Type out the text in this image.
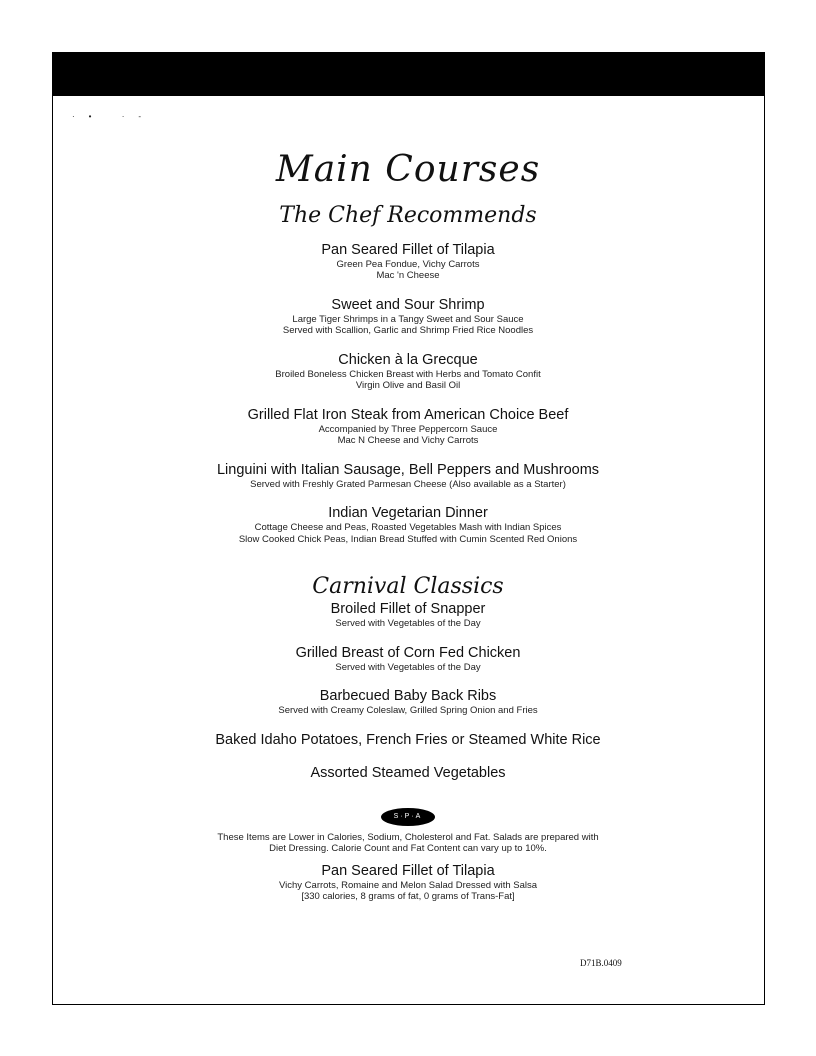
·• ·-
Main Courses
The Chef Recommends
Pan Seared Fillet of Tilapia
Green Pea Fondue, Vichy Carrots
Mac 'n Cheese
Sweet and Sour Shrimp
Large Tiger Shrimps in a Tangy Sweet and Sour Sauce
Served with Scallion, Garlic and Shrimp Fried Rice Noodles
Chicken à la Grecque
Broiled Boneless Chicken Breast with Herbs and Tomato Confit
Virgin Olive and Basil Oil
Grilled Flat Iron Steak from American Choice Beef
Accompanied by Three Peppercorn Sauce
Mac N Cheese and Vichy Carrots
Linguini with Italian Sausage, Bell Peppers and Mushrooms
Served with Freshly Grated Parmesan Cheese (Also available as a Starter)
Indian Vegetarian Dinner
Cottage Cheese and Peas, Roasted Vegetables Mash with Indian Spices
Slow Cooked Chick Peas, Indian Bread Stuffed with Cumin Scented Red Onions
Carnival Classics
Broiled Fillet of Snapper
Served with Vegetables of the Day
Grilled Breast of Corn Fed Chicken
Served with Vegetables of the Day
Barbecued Baby Back Ribs
Served with Creamy Coleslaw, Grilled Spring Onion and Fries
Baked Idaho Potatoes, French Fries or Steamed White Rice
Assorted Steamed Vegetables
S·P·A
These Items are Lower in Calories, Sodium, Cholesterol and Fat. Salads are prepared with
Diet Dressing. Calorie Count and Fat Content can vary up to 10%.
Pan Seared Fillet of Tilapia
Vichy Carrots, Romaine and Melon Salad Dressed with Salsa
[330 calories, 8 grams of fat, 0 grams of Trans-Fat]
D71B.0409
